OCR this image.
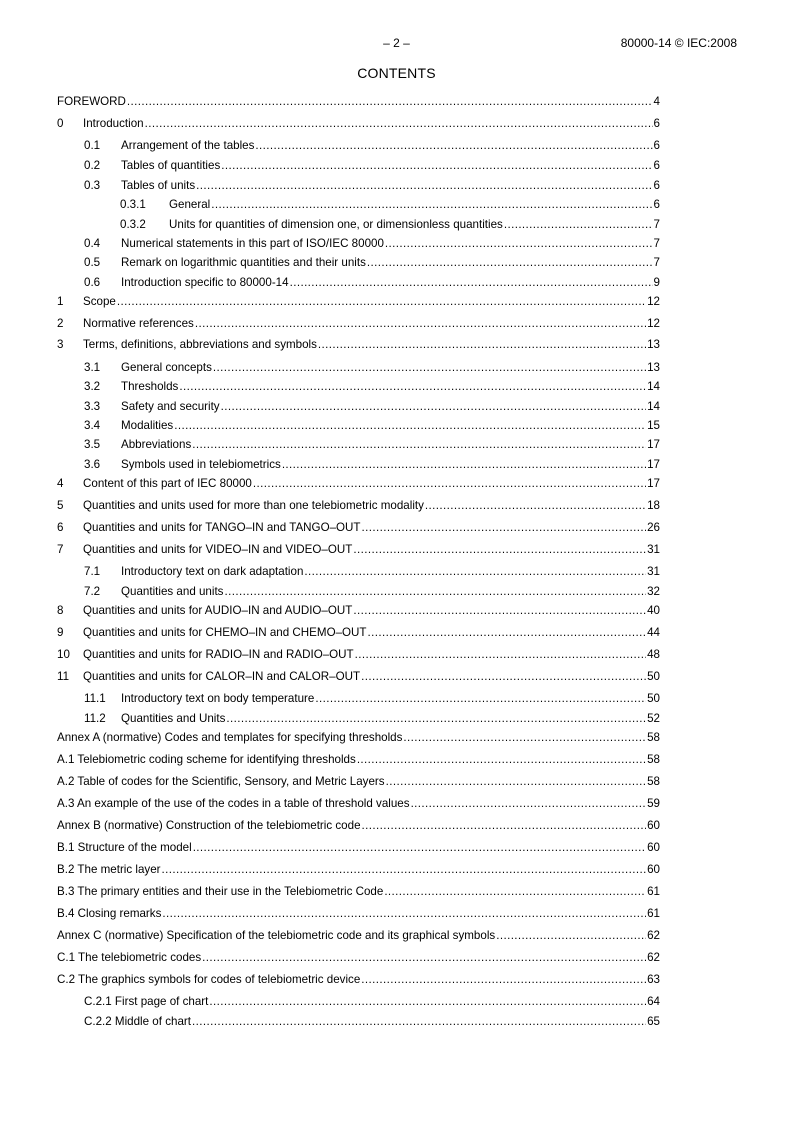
– 2 –	80000-14 © IEC:2008
CONTENTS
FOREWORD .....	4
0	Introduction .....	6
0.1	Arrangement of the tables .....	6
0.2	Tables of quantities .....	6
0.3	Tables of units .....	6
0.3.1	General .....	6
0.3.2	Units for quantities of dimension one, or dimensionless quantities .....	7
0.4	Numerical statements in this part of ISO/IEC 80000 .....	7
0.5	Remark on logarithmic quantities and their units .....	7
0.6	Introduction specific to 80000-14 .....	9
1	Scope .....	12
2	Normative references .....	12
3	Terms, definitions, abbreviations and symbols .....	13
3.1	General concepts .....	13
3.2	Thresholds .....	14
3.3	Safety and security .....	14
3.4	Modalities .....	15
3.5	Abbreviations .....	17
3.6	Symbols used in telebiometrics .....	17
4	Content of this part of IEC 80000 .....	17
5	Quantities and units used for more than one telebiometric modality .....	18
6	Quantities and units for TANGO–IN and TANGO–OUT .....	26
7	Quantities and units for VIDEO–IN and VIDEO–OUT .....	31
7.1	Introductory text on dark adaptation .....	31
7.2	Quantities and units .....	32
8	Quantities and units for AUDIO–IN and AUDIO–OUT .....	40
9	Quantities and units for CHEMO–IN and CHEMO–OUT .....	44
10	Quantities and units for RADIO–IN and RADIO–OUT .....	48
11	Quantities and units for CALOR–IN and CALOR–OUT .....	50
11.1	Introductory text on body temperature .....	50
11.2	Quantities and Units .....	52
Annex A (normative) Codes and templates for specifying thresholds .....	58
A.1 Telebiometric coding scheme for identifying thresholds .....	58
A.2 Table of codes for the Scientific, Sensory, and Metric Layers .....	58
A.3 An example of the use of the codes in a table of threshold values .....	59
Annex B (normative) Construction of the telebiometric code .....	60
B.1 Structure of the model .....	60
B.2 The metric layer .....	60
B.3 The primary entities and their use in the Telebiometric Code .....	61
B.4 Closing remarks .....	61
Annex C (normative) Specification of the telebiometric code and its graphical symbols .....	62
C.1 The telebiometric codes .....	62
C.2 The graphics symbols for codes of telebiometric device .....	63
C.2.1 First page of chart .....	64
C.2.2 Middle of chart .....	65
